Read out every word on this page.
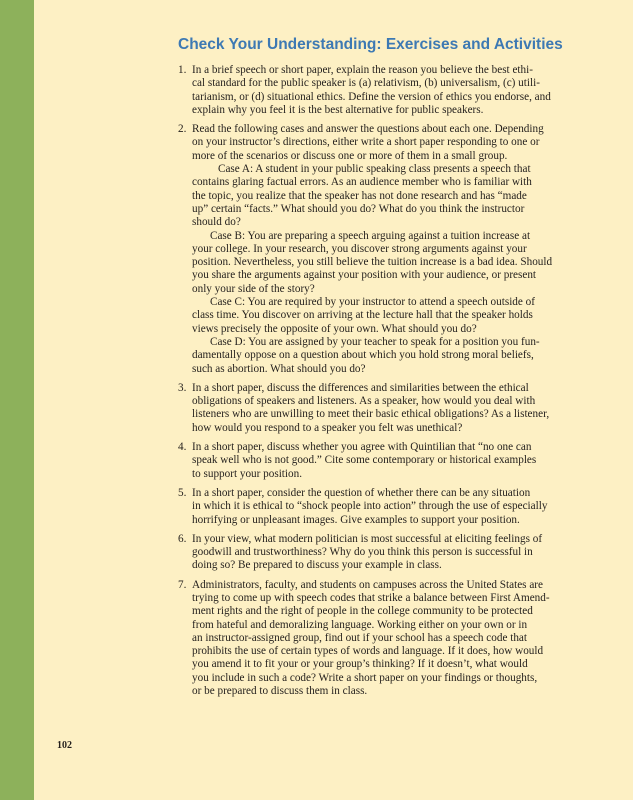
Check Your Understanding: Exercises and Activities
1. In a brief speech or short paper, explain the reason you believe the best ethi-
cal standard for the public speaker is (a) relativism, (b) universalism, (c) utili-
tarianism, or (d) situational ethics. Define the version of ethics you endorse, and
explain why you feel it is the best alternative for public speakers.
2. Read the following cases and answer the questions about each one. Depending
on your instructor’s directions, either write a short paper responding to one or
more of the scenarios or discuss one or more of them in a small group.
Case A: A student in your public speaking class presents a speech that
contains glaring factual errors. As an audience member who is familiar with
the topic, you realize that the speaker has not done research and has “made
up” certain “facts.” What should you do? What do you think the instructor
should do?
Case B: You are preparing a speech arguing against a tuition increase at
your college. In your research, you discover strong arguments against your
position. Nevertheless, you still believe the tuition increase is a bad idea. Should
you share the arguments against your position with your audience, or present
only your side of the story?
Case C: You are required by your instructor to attend a speech outside of
class time. You discover on arriving at the lecture hall that the speaker holds
views precisely the opposite of your own. What should you do?
Case D: You are assigned by your teacher to speak for a position you fun-
damentally oppose on a question about which you hold strong moral beliefs,
such as abortion. What should you do?
3. In a short paper, discuss the differences and similarities between the ethical
obligations of speakers and listeners. As a speaker, how would you deal with
listeners who are unwilling to meet their basic ethical obligations? As a listener,
how would you respond to a speaker you felt was unethical?
4. In a short paper, discuss whether you agree with Quintilian that “no one can
speak well who is not good.” Cite some contemporary or historical examples
to support your position.
5. In a short paper, consider the question of whether there can be any situation
in which it is ethical to “shock people into action” through the use of especially
horrifying or unpleasant images. Give examples to support your position.
6. In your view, what modern politician is most successful at eliciting feelings of
goodwill and trustworthiness? Why do you think this person is successful in
doing so? Be prepared to discuss your example in class.
7. Administrators, faculty, and students on campuses across the United States are
trying to come up with speech codes that strike a balance between First Amend-
ment rights and the right of people in the college community to be protected
from hateful and demoralizing language. Working either on your own or in
an instructor-assigned group, find out if your school has a speech code that
prohibits the use of certain types of words and language. If it does, how would
you amend it to fit your or your group’s thinking? If it doesn’t, what would
you include in such a code? Write a short paper on your findings or thoughts,
or be prepared to discuss them in class.
102
